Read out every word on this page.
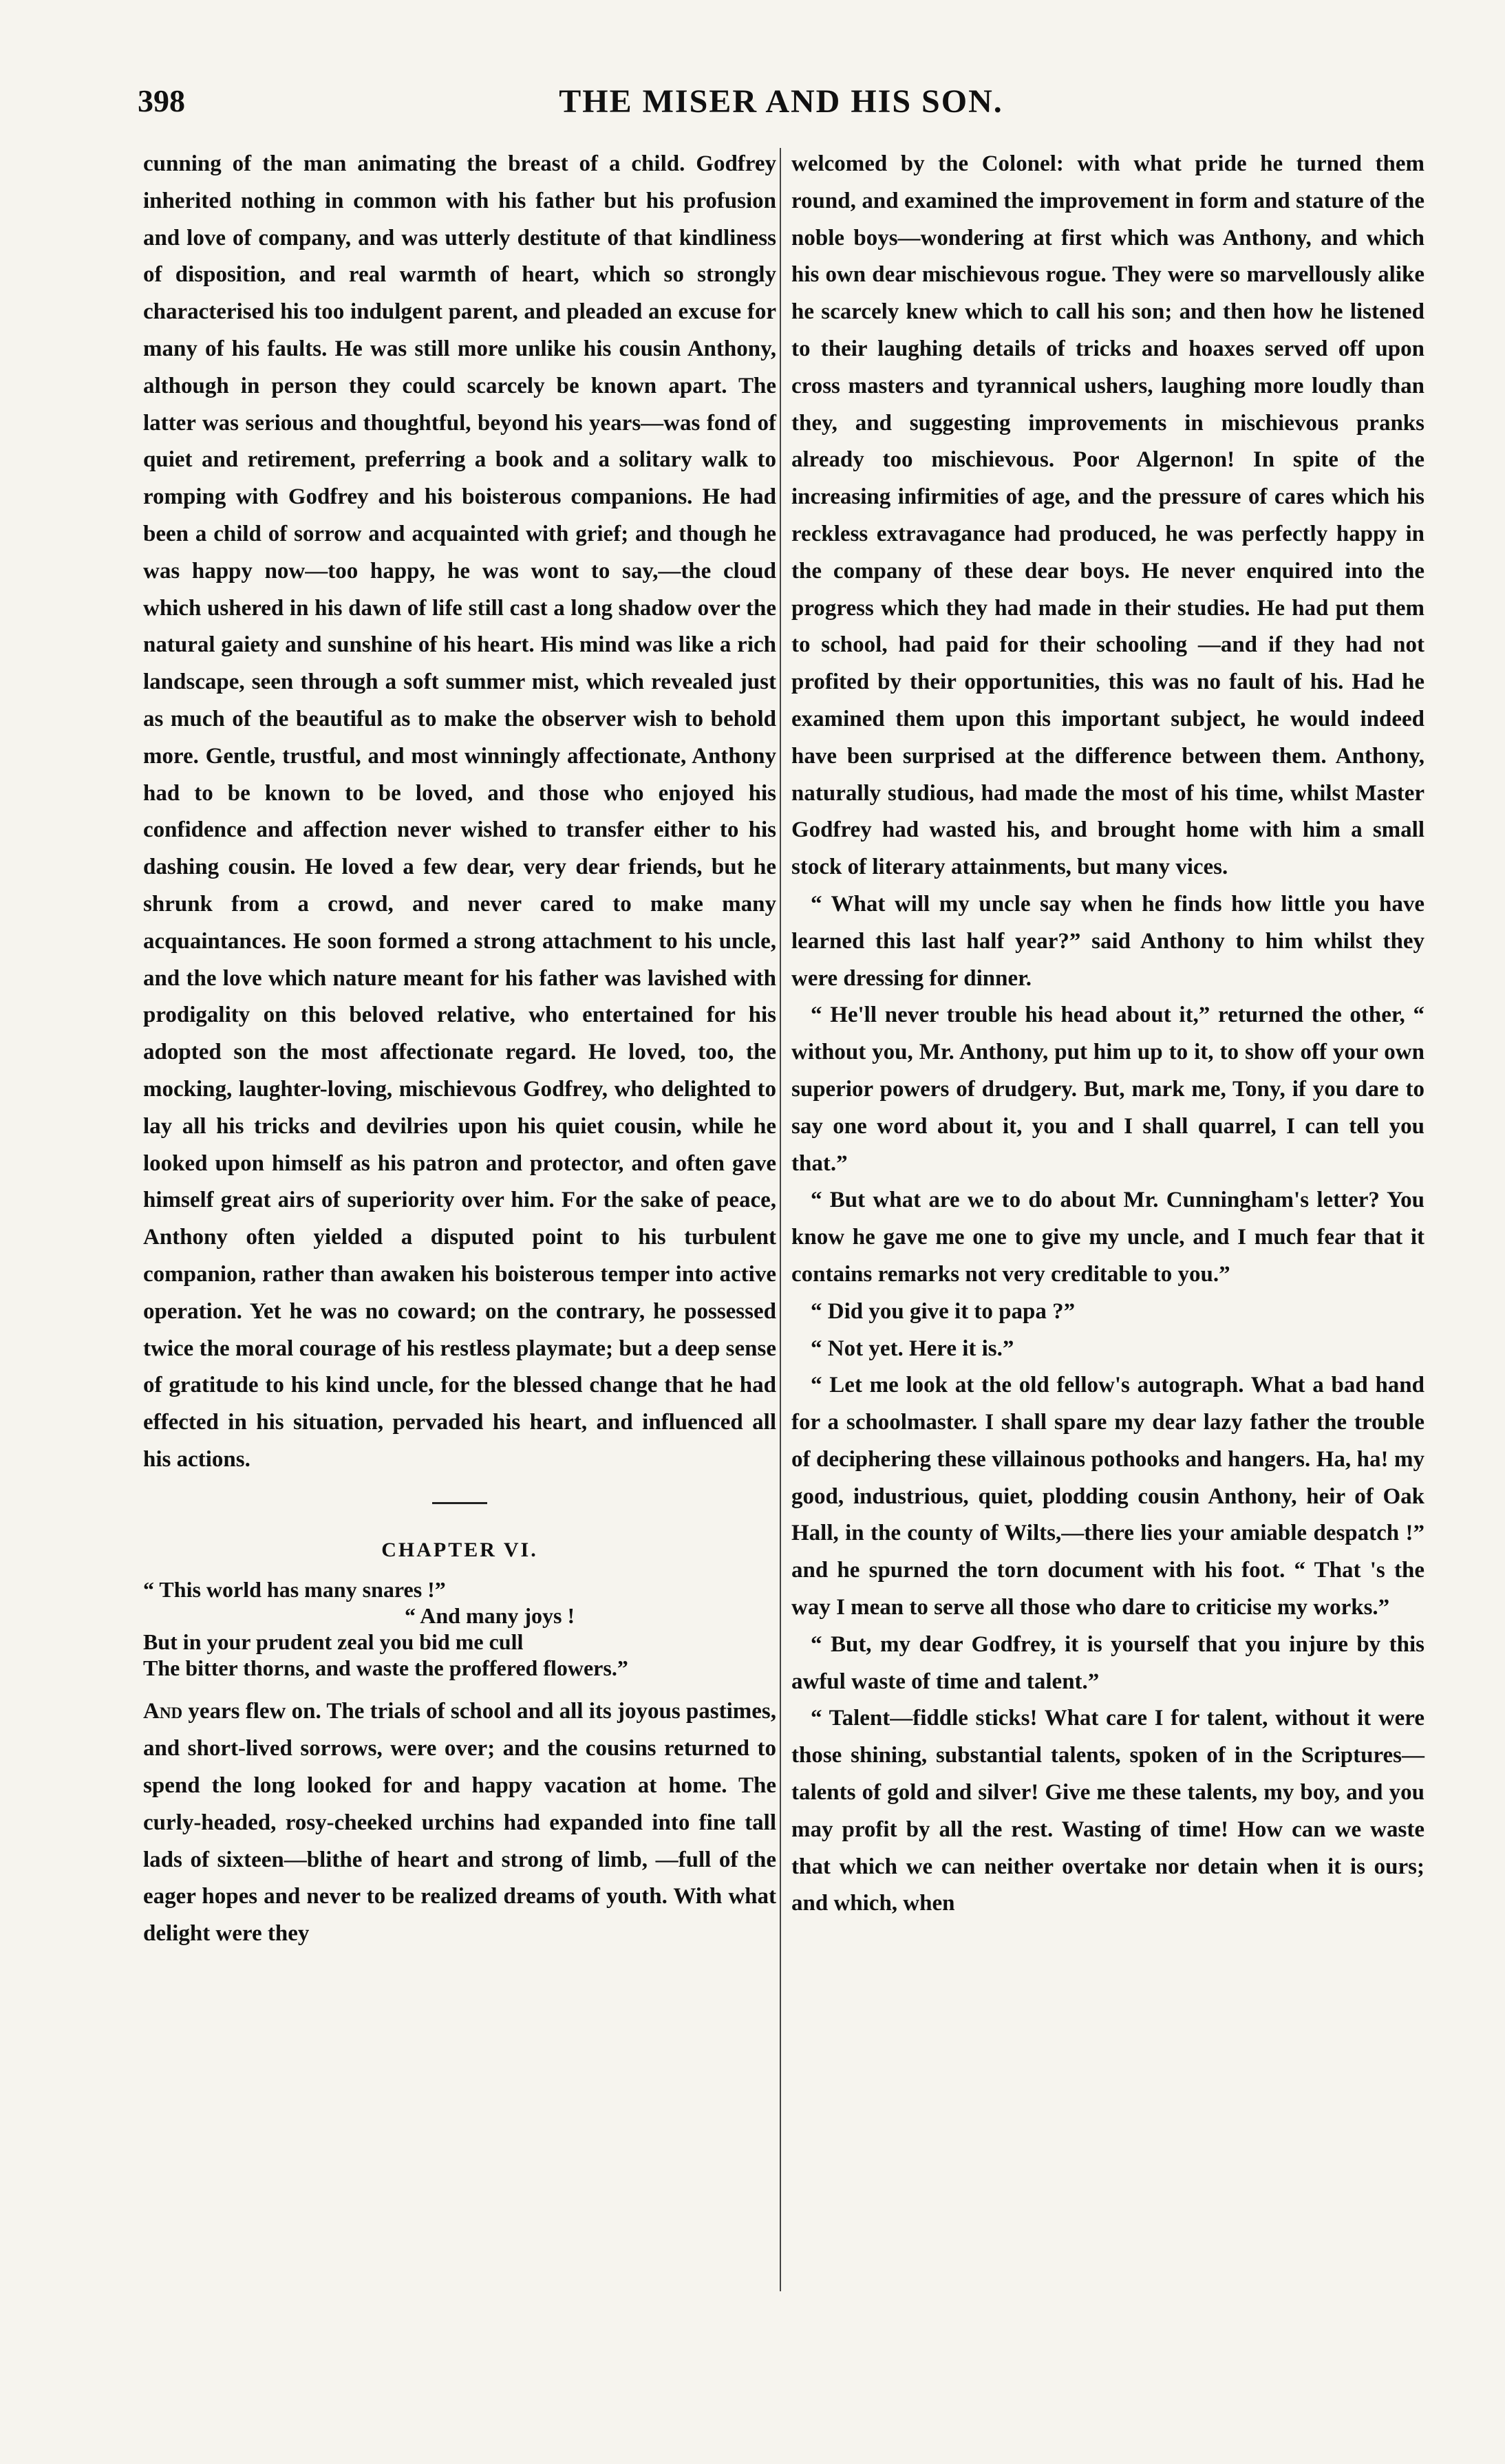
398	THE MISER AND HIS SON.

cunning of the man animating the breast of a child. Godfrey inherited nothing in common with his father but his profusion and love of company, and was utterly destitute of that kindliness of disposition, and real warmth of heart, which so strongly characterised his too indulgent parent, and pleaded an excuse for many of his faults. He was still more unlike his cousin Anthony, although in person they could scarcely be known apart. The latter was serious and thoughtful, beyond his years—was fond of quiet and retirement, preferring a book and a solitary walk to romping with Godfrey and his boisterous companions. He had been a child of sorrow and acquainted with grief; and though he was happy now—too happy, he was wont to say,—the cloud which ushered in his dawn of life still cast a long shadow over the natural gaiety and sunshine of his heart. His mind was like a rich landscape, seen through a soft summer mist, which revealed just as much of the beautiful as to make the observer wish to behold more. Gentle, trustful, and most winningly affectionate, Anthony had to be known to be loved, and those who enjoyed his confidence and affection never wished to transfer either to his dashing cousin. He loved a few dear, very dear friends, but he shrunk from a crowd, and never cared to make many acquaintances. He soon formed a strong attachment to his uncle, and the love which nature meant for his father was lavished with prodigality on this beloved relative, who entertained for his adopted son the most affectionate regard. He loved, too, the mocking, laughter-loving, mischievous Godfrey, who delighted to lay all his tricks and devilries upon his quiet cousin, while he looked upon himself as his patron and protector, and often gave himself great airs of superiority over him. For the sake of peace, Anthony often yielded a disputed point to his turbulent companion, rather than awaken his boisterous temper into active operation. Yet he was no coward; on the contrary, he possessed twice the moral courage of his restless playmate; but a deep sense of gratitude to his kind uncle, for the blessed change that he had effected in his situation, pervaded his heart, and influenced all his actions.

CHAPTER VI.
“ This world has many snares !”
“ And many joys !
But in your prudent zeal you bid me cull
The bitter thorns, and waste the proffered flowers.”

And years flew on. The trials of school and all its joyous pastimes, and short-lived sorrows, were over; and the cousins returned to spend the long looked for and happy vacation at home. The curly-headed, rosy-cheeked urchins had expanded into fine tall lads of sixteen—blithe of heart and strong of limb, —full of the eager hopes and never to be realized dreams of youth. With what delight were they

welcomed by the Colonel: with what pride he turned them round, and examined the improvement in form and stature of the noble boys—wondering at first which was Anthony, and which his own dear mischievous rogue. They were so marvellously alike he scarcely knew which to call his son; and then how he listened to their laughing details of tricks and hoaxes served off upon cross masters and tyrannical ushers, laughing more loudly than they, and suggesting improvements in mischievous pranks already too mischievous. Poor Algernon! In spite of the increasing infirmities of age, and the pressure of cares which his reckless extravagance had produced, he was perfectly happy in the company of these dear boys. He never enquired into the progress which they had made in their studies. He had put them to school, had paid for their schooling —and if they had not profited by their opportunities, this was no fault of his. Had he examined them upon this important subject, he would indeed have been surprised at the difference between them. Anthony, naturally studious, had made the most of his time, whilst Master Godfrey had wasted his, and brought home with him a small stock of literary attainments, but many vices.

“ What will my uncle say when he finds how little you have learned this last half year?” said Anthony to him whilst they were dressing for dinner.

“ He'll never trouble his head about it,” returned the other, “ without you, Mr. Anthony, put him up to it, to show off your own superior powers of drudgery. But, mark me, Tony, if you dare to say one word about it, you and I shall quarrel, I can tell you that.”

“ But what are we to do about Mr. Cunningham's letter? You know he gave me one to give my uncle, and I much fear that it contains remarks not very creditable to you.”

“ Did you give it to papa ?”

“ Not yet. Here it is.”

“ Let me look at the old fellow's autograph. What a bad hand for a schoolmaster. I shall spare my dear lazy father the trouble of deciphering these villainous pothooks and hangers. Ha, ha! my good, industrious, quiet, plodding cousin Anthony, heir of Oak Hall, in the county of Wilts,—there lies your amiable despatch !” and he spurned the torn document with his foot. “ That 's the way I mean to serve all those who dare to criticise my works.”

“ But, my dear Godfrey, it is yourself that you injure by this awful waste of time and talent.”

“ Talent—fiddle sticks! What care I for talent, without it were those shining, substantial talents, spoken of in the Scriptures—talents of gold and silver! Give me these talents, my boy, and you may profit by all the rest. Wasting of time! How can we waste that which we can neither overtake nor detain when it is ours; and which, when
